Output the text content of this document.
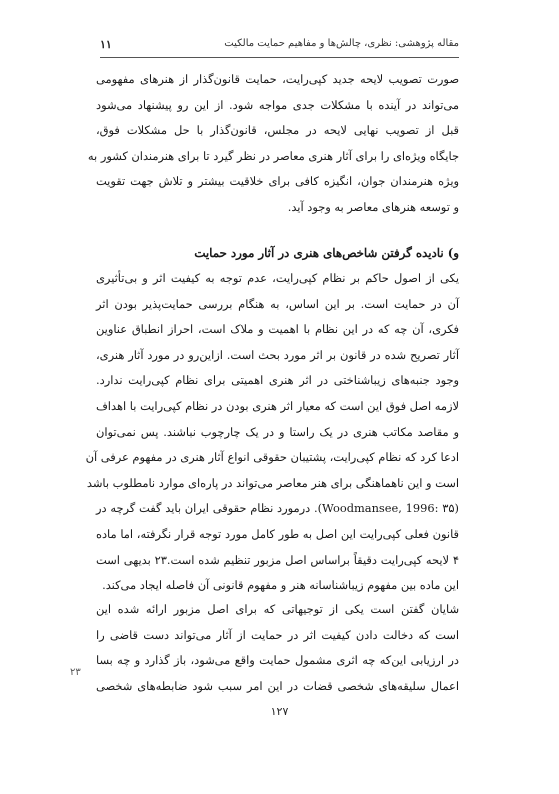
مقاله پژوهشی: نظری، چالش‌ها و مفاهیم حمایت مالکیت
۱۱
صورت تصویب لایحه جدید کپی‌رایت، حمایت قانون‌گذار از هنرهای مفهومی
می‌تواند در آینده با مشکلات جدی مواجه شود. از این رو پیشنهاد می‌شود
قبل از تصویب نهایی لایحه در مجلس، قانون‌گذار با حل مشکلات فوق،
جایگاه ویژه‌ای را برای آثار هنری معاصر در نظر گیرد تا برای هنرمندان کشور به
ویژه هنرمندان جوان، انگیزه کافی برای خلاقیت بیشتر و تلاش جهت تقویت
و توسعه هنرهای معاصر به وجود آید.
و) نادیده گرفتن شاخص‌های هنری در آثار مورد حمایت
یکی از اصول حاکم بر نظام کپی‌رایت، عدم توجه به کیفیت اثر و بی‌تأثیری
آن در حمایت است. بر این اساس، به هنگام بررسی حمایت‌پذیر بودن اثر
فکری، آن چه که در این نظام با اهمیت و ملاک است، احراز انطباق عناوین
آثار تصریح شده در قانون بر اثر مورد بحث است. ازاین‌رو در مورد آثار هنری،
وجود جنبه‌های زیباشناختی در اثر هنری اهمیتی برای نظام کپی‌رایت ندارد.
لازمه اصل فوق این است که معیار اثر هنری بودن در نظام کپی‌رایت با اهداف
و مقاصد مکاتب هنری در یک راستا و در یک چارچوب نباشند. پس نمی‌توان
ادعا کرد که نظام کپی‌رایت، پشتیبان حقوقی انواع آثار هنری در مفهوم عرفی آن
است و این ناهماهنگی برای هنر معاصر می‌تواند در پاره‌ای موارد نامطلوب باشد
(Woodmansee, 1996: ۳۵). درمورد نظام حقوقی ایران باید گفت گرچه در
قانون فعلی کپی‌رایت این اصل به طور کامل مورد توجه قرار نگرفته، اما ماده
۴ لایحه کپی‌رایت دقیقاً براساس اصل مزبور تنظیم شده است.۲۳ بدیهی است
این ماده بین مفهوم زیباشناسانه هنر و مفهوم قانونی آن فاصله ایجاد می‌کند.
شایان گفتن است یکی از توجیهاتی که برای اصل مزبور ارائه شده این
است که دخالت دادن کیفیت اثر در حمایت از آثار می‌تواند دست قاضی را
در ارزیابی این‌که چه اثری مشمول حمایت واقع می‌شود، باز گذارد و چه بسا
اعمال سلیقه‌های شخصی قضات در این امر سبب شود ضابطه‌های شخصی
۲۳
۱۲۷
